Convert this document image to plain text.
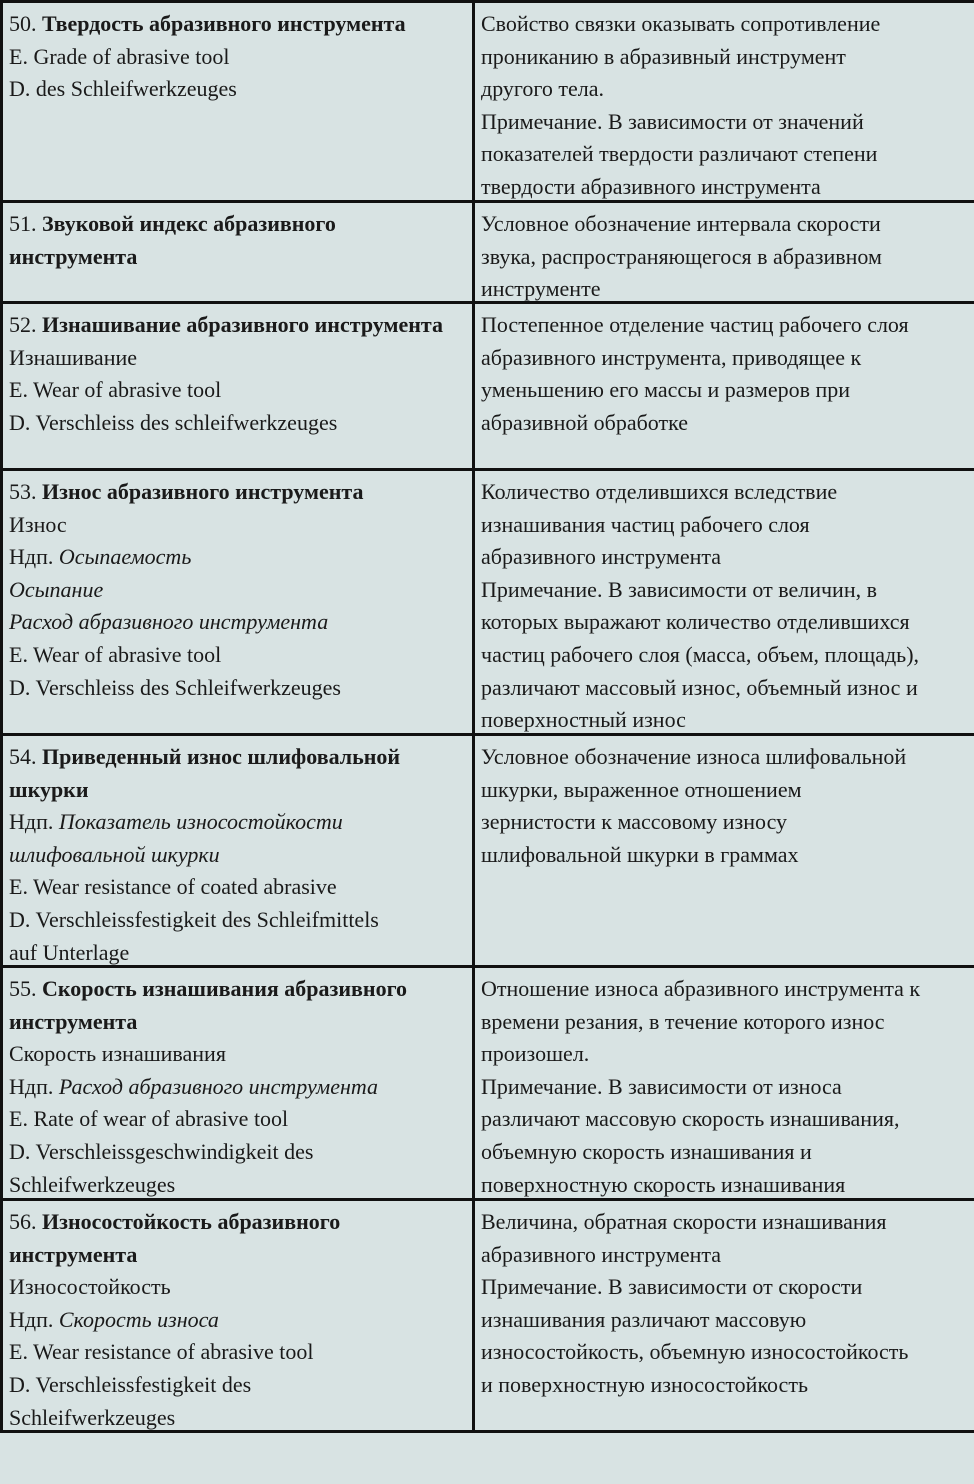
50. Твердость абразивного инструмента
E. Grade of abrasive tool
D. des Schleifwerkzeuges
Свойство связки оказывать сопротивление
прониканию в абразивный инструмент
другого тела.
Примечание. В зависимости от значений
показателей твердости различают степени
твердости абразивного инструмента
51. Звуковой индекс абразивного инструмента
Условное обозначение интервала скорости
звука, распространяющегося в абразивном
инструменте
52. Изнашивание абразивного инструмента
Изнашивание
E. Wear of abrasive tool
D. Verschleiss des schleifwerkzeuges
Постепенное отделение частиц рабочего слоя
абразивного инструмента, приводящее к
уменьшению его массы и размеров при
абразивной обработке
53. Износ абразивного инструмента
Износ
Ндп. Осыпаемость
Осыпание
Расход абразивного инструмента
E. Wear of abrasive tool
D. Verschleiss des Schleifwerkzeuges
Количество отделившихся вследствие
изнашивания частиц рабочего слоя
абразивного инструмента
Примечание. В зависимости от величин, в
которых выражают количество отделившихся
частиц рабочего слоя (масса, объем, площадь),
различают массовый износ, объемный износ и
поверхностный износ
54. Приведенный износ шлифовальной шкурки
Ндп. Показатель износостойкости шлифовальной шкурки
E. Wear resistance of coated abrasive
D. Verschleissfestigkeit des Schleifmittels
auf Unterlage
Условное обозначение износа шлифовальной
шкурки, выраженное отношением
зернистости к массовому износу
шлифовальной шкурки в граммах
55. Скорость изнашивания абразивного инструмента
Скорость изнашивания
Ндп. Расход абразивного инструмента
E. Rate of wear of abrasive tool
D. Verschleissgeschwindigkeit des
Schleifwerkzeuges
Отношение износа абразивного инструмента к
времени резания, в течение которого износ
произошел.
Примечание. В зависимости от износа
различают массовую скорость изнашивания,
объемную скорость изнашивания и
поверхностную скорость изнашивания
56. Износостойкость абразивного инструмента
Износостойкость
Ндп. Скорость износа
E. Wear resistance of abrasive tool
D. Verschleissfestigkeit des
Schleifwerkzeuges
Величина, обратная скорости изнашивания
абразивного инструмента
Примечание. В зависимости от скорости
изнашивания различают массовую
износостойкость, объемную износостойкость
и поверхностную износостойкость
